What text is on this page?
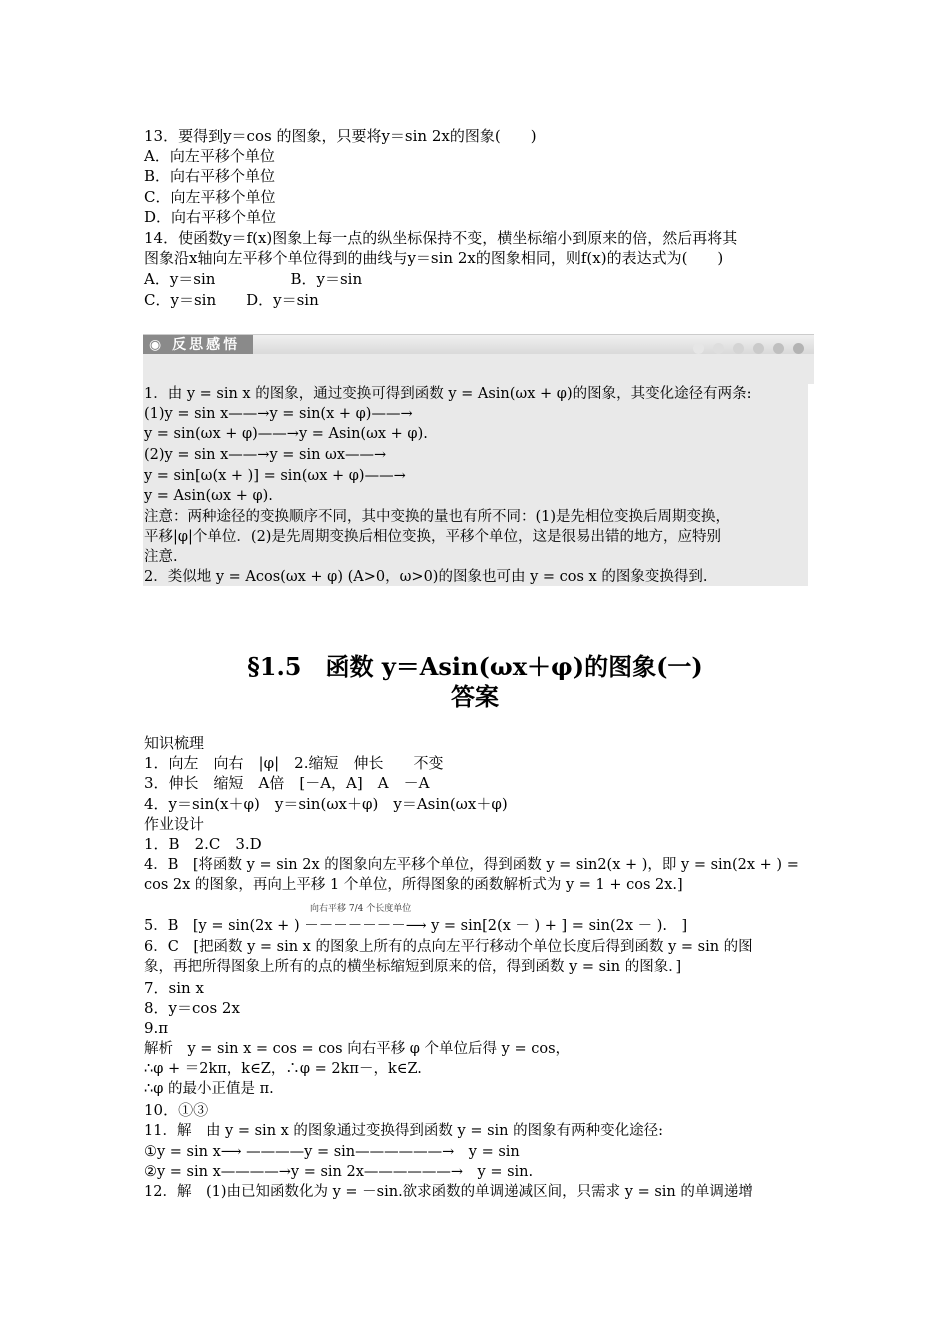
13．要得到y＝cos 的图象，只要将y＝sin 2x的图象(　　)
A．向左平移个单位
B．向右平移个单位
C．向左平移个单位
D．向右平移个单位
14．使函数y＝f(x)图象上每一点的纵坐标保持不变，横坐标缩小到原来的倍，然后再将其
图象沿x轴向左平移个单位得到的曲线与y＝sin 2x的图象相同，则f(x)的表达式为(　　)
A．y＝sin　　　　　B．y＝sin
C．y＝sin　　D．y＝sin
◉ 反思感悟
1．由 y = sin x 的图象，通过变换可得到函数 y = Asin(ωx + φ)的图象，其变化途径有两条:
(1)y = sin x——→y = sin(x + φ)——→
y = sin(ωx + φ)——→y = Asin(ωx + φ).
(2)y = sin x——→y = sin ωx——→
y = sin[ω(x + )] = sin(ωx + φ)——→
y = Asin(ωx + φ).
注意：两种途径的变换顺序不同，其中变换的量也有所不同：(1)是先相位变换后周期变换，
平移|φ|个单位．(2)是先周期变换后相位变换，平移个单位，这是很易出错的地方，应特别
注意.
2．类似地 y = Acos(ωx + φ) (A>0，ω>0)的图象也可由 y = cos x 的图象变换得到.
§1.5　函数 y＝Asin(ωx＋φ)的图象(一)
答案
知识梳理
1．向左　向右　|φ|　2.缩短　伸长　　不变
3．伸长　缩短　A倍　[－A，A]　A　－A
4．y＝sin(x＋φ)　y＝sin(ωx＋φ)　y＝Asin(ωx＋φ)
作业设计
1．B　2.C　3.D
4．B　[将函数 y = sin 2x 的图象向左平移个单位，得到函数 y = sin2(x + )，即 y = sin(2x + ) =
cos 2x 的图象，再向上平移 1 个单位，所得图象的函数解析式为 y = 1 + cos 2x.]
向右平移 7/4 个长度单位
5．B　[y = sin(2x + ) －－－－－－－⟶ y = sin[2(x － ) + ] = sin(2x － ).　]
6．C　[把函数 y = sin x 的图象上所有的点向左平行移动个单位长度后得到函数 y = sin 的图
象，再把所得图象上所有的点的横坐标缩短到原来的倍，得到函数 y = sin 的图象．]
7．sin x
8．y＝cos 2x
9.π
解析　y = sin x = cos = cos 向右平移 φ 个单位后得 y = cos，
∴φ + ＝2kπ，k∈Z，∴φ = 2kπ－，k∈Z.
∴φ 的最小正值是 π.
10．①③
11．解　由 y = sin x 的图象通过变换得到函数 y = sin 的图象有两种变化途径:
①y = sin x⟶ ————y = sin——————→　y = sin
②y = sin x————→y = sin 2x——————→　y = sin.
12．解　(1)由已知函数化为 y = －sin.欲求函数的单调递减区间，只需求 y = sin 的单调递增
